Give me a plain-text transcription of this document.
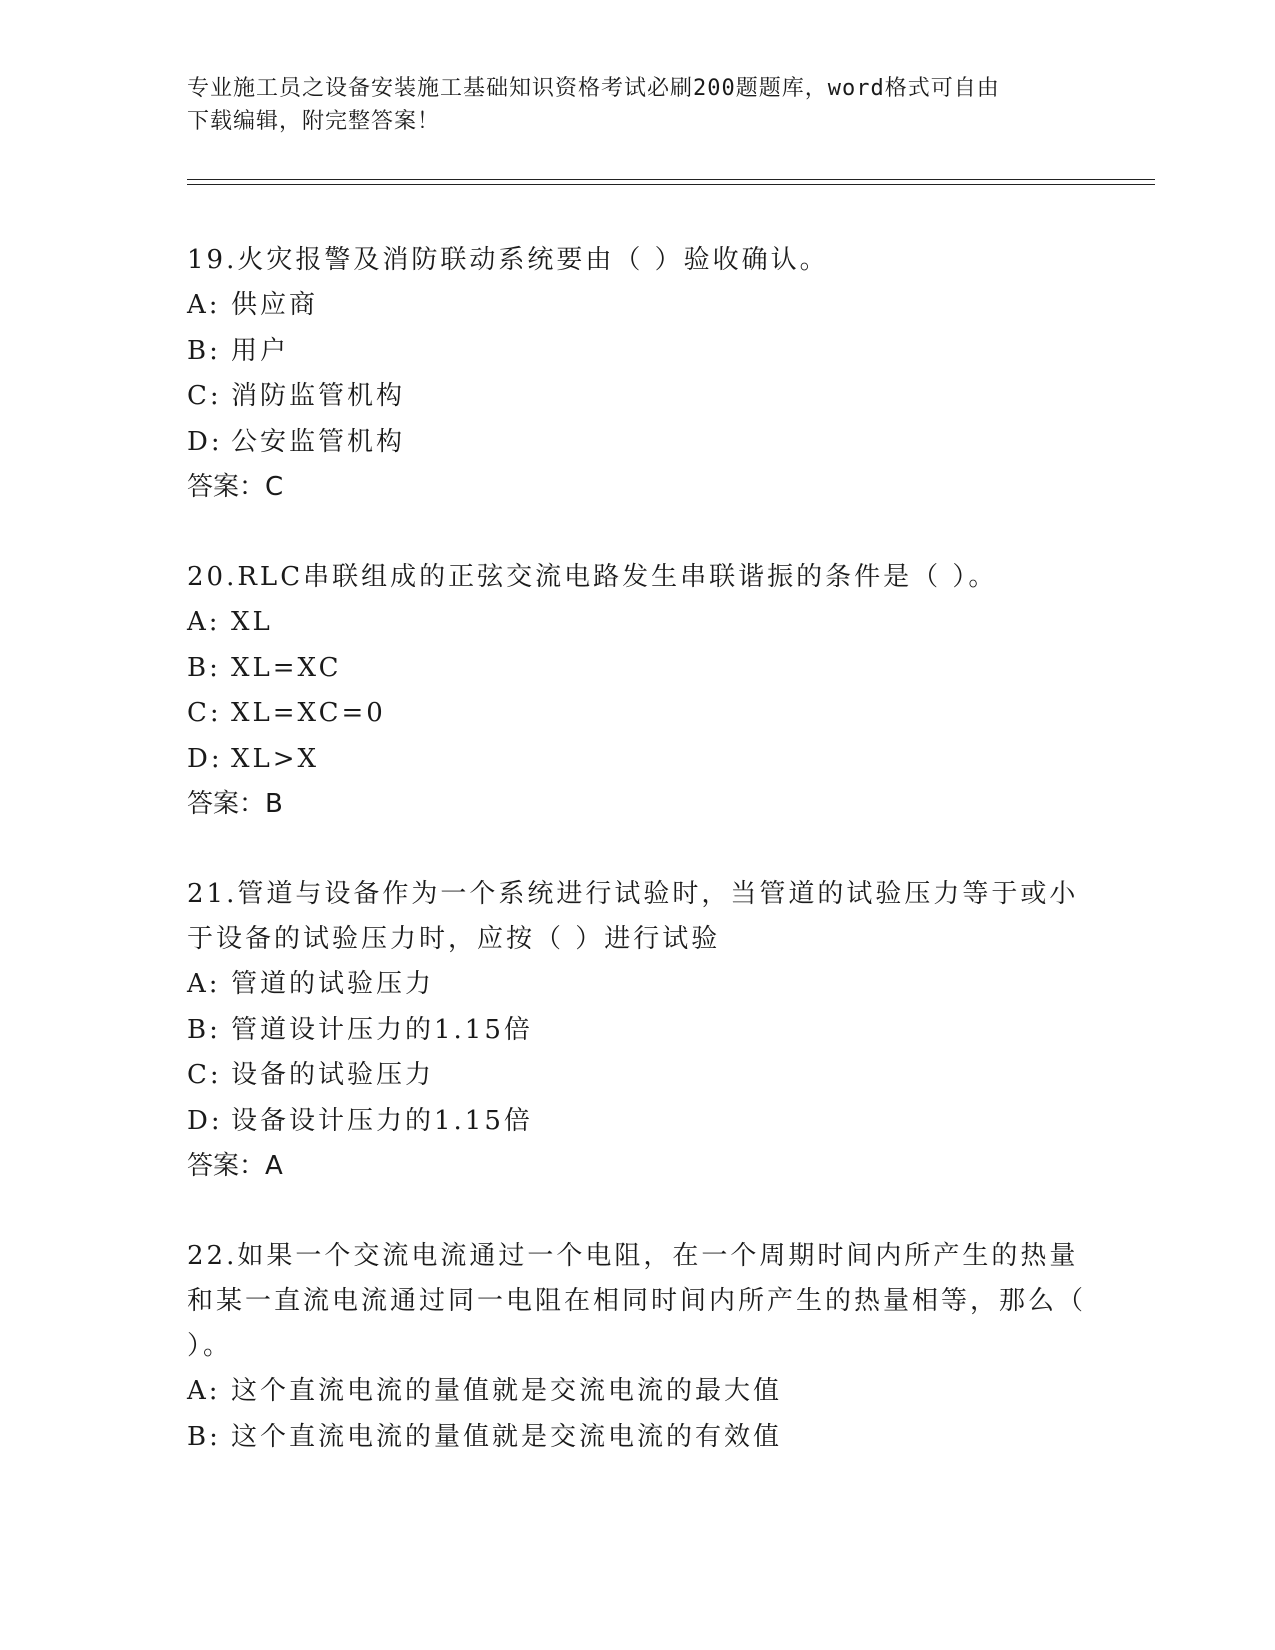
专业施工员之设备安装施工基础知识资格考试必刷200题题库，word格式可自由
下载编辑，附完整答案！
19.火灾报警及消防联动系统要由（ ）验收确认。
A: 供应商
B: 用户
C: 消防监管机构
D: 公安监管机构
答案：C
20.RLC串联组成的正弦交流电路发生串联谐振的条件是（ ）。
A: XL
B: XL=XC
C: XL=XC=0
D: XL>X
答案：B
21.管道与设备作为一个系统进行试验时，当管道的试验压力等于或小于设备的试验压力时，应按（ ）进行试验
A: 管道的试验压力
B: 管道设计压力的1.15倍
C: 设备的试验压力
D: 设备设计压力的1.15倍
答案：A
22.如果一个交流电流通过一个电阻，在一个周期时间内所产生的热量和某一直流电流通过同一电阻在相同时间内所产生的热量相等，那么（ ）。
A: 这个直流电流的量值就是交流电流的最大值
B: 这个直流电流的量值就是交流电流的有效值
